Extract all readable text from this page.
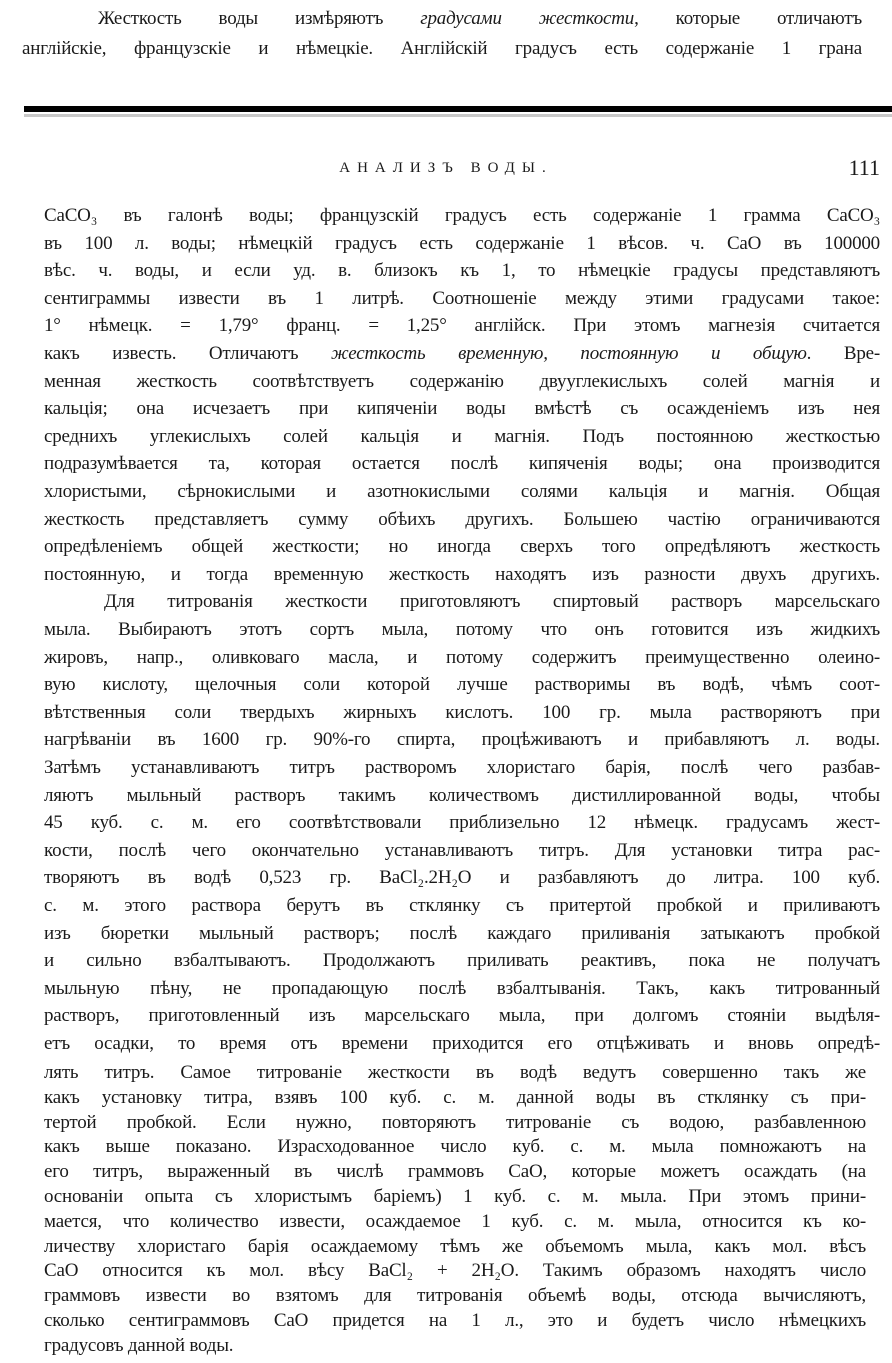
Жесткость воды измѣряютъ градусами жесткости, которые отличаютъ
англійскіе, французскіе и нѣмецкіе. Англійскій градусъ есть содержаніе 1 грана
АНАЛИЗЪ ВОДЫ.	111
CaCO₃ въ галонѣ воды; французскій градусъ есть содержаніе 1 грамма CaCO₃
въ 100 л. воды; нѣмецкій градусъ есть содержаніе 1 вѣсов. ч. CaO въ 100000
вѣс. ч. воды, и если уд. в. близокъ къ 1, то нѣмецкіе градусы представляютъ
сентиграммы извести въ 1 литрѣ. Соотношеніе между этими градусами такое:
1° нѣмецк. = 1,79° франц. = 1,25° англійск. При этомъ магнезія считается
какъ известь. Отличаютъ жесткость временную, постоянную и общую. Вре-
менная жесткость соотвѣтствуетъ содержанію двууглекислыхъ солей магнія и
кальція; она исчезаетъ при кипяченіи воды вмѣстѣ съ осажденіемъ изъ нея
среднихъ углекислыхъ солей кальція и магнія. Подъ постоянною жесткостью
подразумѣвается та, которая остается послѣ кипяченія воды; она производится
хлористыми, сѣрнокислыми и азотнокислыми солями кальція и магнія. Общая
жесткость представляетъ сумму обѣихъ другихъ. Большею частію ограничиваются
опредѣленіемъ общей жесткости; но иногда сверхъ того опредѣляютъ жесткость
постоянную, и тогда временную жесткость находятъ изъ разности двухъ другихъ.
Для титрованія жесткости приготовляютъ спиртовый растворъ марсельскаго
мыла. Выбираютъ этотъ сортъ мыла, потому что онъ готовится изъ жидкихъ
жировъ, напр., оливковаго масла, и потому содержитъ преимущественно олеино-
вую кислоту, щелочныя соли которой лучше растворимы въ водѣ, чѣмъ соот-
вѣтственныя соли твердыхъ жирныхъ кислотъ. 100 гр. мыла растворяютъ при
нагрѣваніи въ 1600 гр. 90%-го спирта, процѣживаютъ и прибавляютъ л. воды.
Затѣмъ устанавливаютъ титръ растворомъ хлористаго барія, послѣ чего разбав-
ляютъ мыльный растворъ такимъ количествомъ дистиллированной воды, чтобы
45 куб. с. м. его соотвѣтствовали приблизельно 12 нѣмецк. градусамъ жест-
кости, послѣ чего окончательно устанавливаютъ титръ. Для установки титра рас-
творяютъ въ водѣ 0,523 гр. BaCl₂.2H₂O и разбавляютъ до литра. 100 куб.
с. м. этого раствора берутъ въ стклянку съ притертой пробкой и приливаютъ
изъ бюретки мыльный растворъ; послѣ каждаго приливанія затыкаютъ пробкой
и сильно взбалтываютъ. Продолжаютъ приливать реактивъ, пока не получатъ
мыльную пѣну, не пропадающую послѣ взбалтыванія. Такъ, какъ титрованный
растворъ, приготовленный изъ марсельскаго мыла, при долгомъ стояніи выдѣля-
етъ осадки, то время отъ времени приходится его отцѣживать и вновь опредѣ-
лять титръ. Самое титрованіе жесткости въ водѣ ведутъ совершенно такъ же
какъ установку титра, взявъ 100 куб. с. м. данной воды въ стклянку съ при-
тертой пробкой. Если нужно, повторяютъ титрованіе съ водою, разбавленною
какъ выше показано. Израсходованное число куб. с. м. мыла помножаютъ на
его титръ, выраженный въ числѣ граммовъ CaO, которые можетъ осаждать (на
основаніи опыта съ хлористымъ баріемъ) 1 куб. с. м. мыла. При этомъ прини-
мается, что количество извести, осаждаемое 1 куб. с. м. мыла, относится къ ко-
личеству хлористаго барія осаждаемому тѣмъ же объемомъ мыла, какъ мол. вѣсъ
CaO относится къ мол. вѣсу BaCl₂ + 2H₂O. Такимъ образомъ находятъ число
граммовъ извести во взятомъ для титрованія объемѣ воды, отсюда вычисляютъ,
сколько сентиграммовъ CaO придется на 1 л., это и будетъ число нѣмецкихъ
градусовъ данной воды.
